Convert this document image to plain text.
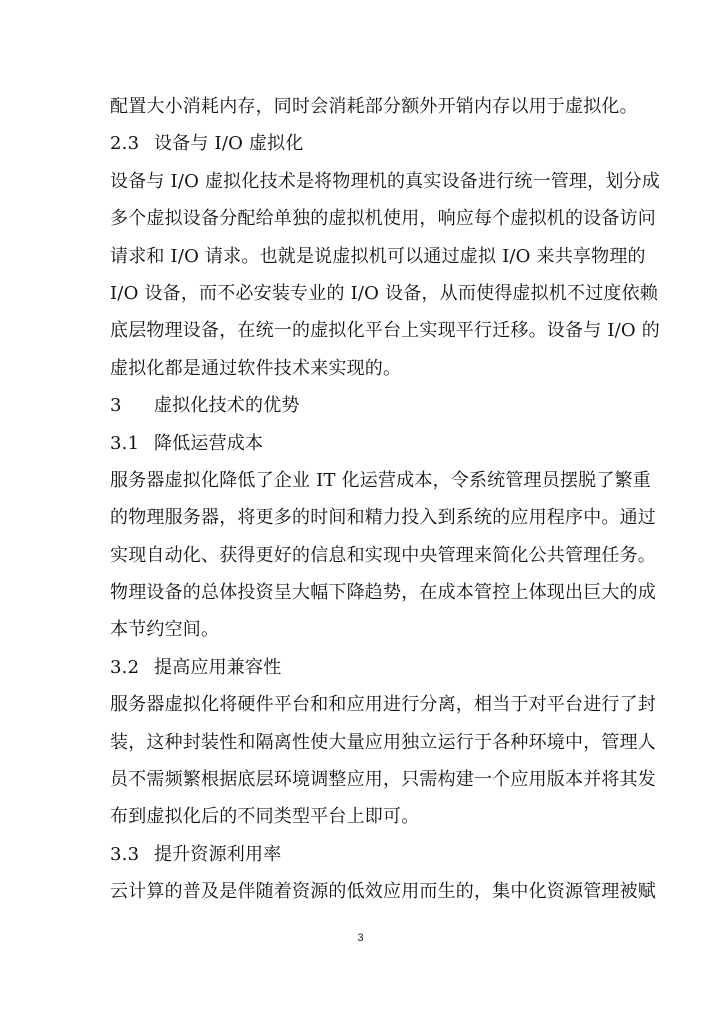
配置大小消耗内存，同时会消耗部分额外开销内存以用于虚拟化。
2.3 设备与 I/O 虚拟化
设备与 I/O 虚拟化技术是将物理机的真实设备进行统一管理，划分成
多个虚拟设备分配给单独的虚拟机使用，响应每个虚拟机的设备访问
请求和 I/O 请求。也就是说虚拟机可以通过虚拟 I/O 来共享物理的
I/O 设备，而不必安装专业的 I/O 设备，从而使得虚拟机不过度依赖
底层物理设备，在统一的虚拟化平台上实现平行迁移。设备与 I/O 的
虚拟化都是通过软件技术来实现的。
3 虚拟化技术的优势
3.1 降低运营成本
服务器虚拟化降低了企业 IT 化运营成本，令系统管理员摆脱了繁重
的物理服务器，将更多的时间和精力投入到系统的应用程序中。通过
实现自动化、获得更好的信息和实现中央管理来简化公共管理任务。
物理设备的总体投资呈大幅下降趋势，在成本管控上体现出巨大的成
本节约空间。
3.2 提高应用兼容性
服务器虚拟化将硬件平台和和应用进行分离，相当于对平台进行了封
装，这种封装性和隔离性使大量应用独立运行于各种环境中，管理人
员不需频繁根据底层环境调整应用，只需构建一个应用版本并将其发
布到虚拟化后的不同类型平台上即可。
3.3 提升资源利用率
云计算的普及是伴随着资源的低效应用而生的，集中化资源管理被赋
3
